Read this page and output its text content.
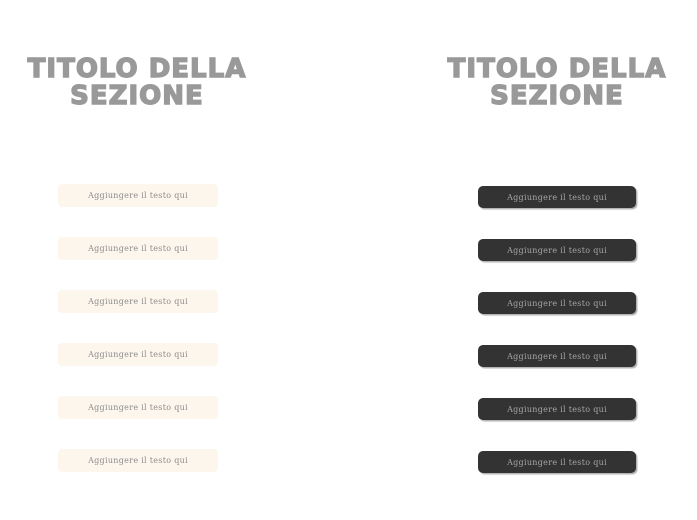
TITOLO DELLA SEZIONE
TITOLO DELLA SEZIONE
Aggiungere il testo qui
Aggiungere il testo qui
Aggiungere il testo qui
Aggiungere il testo qui
Aggiungere il testo qui
Aggiungere il testo qui
Aggiungere il testo qui
Aggiungere il testo qui
Aggiungere il testo qui
Aggiungere il testo qui
Aggiungere il testo qui
Aggiungere il testo qui
